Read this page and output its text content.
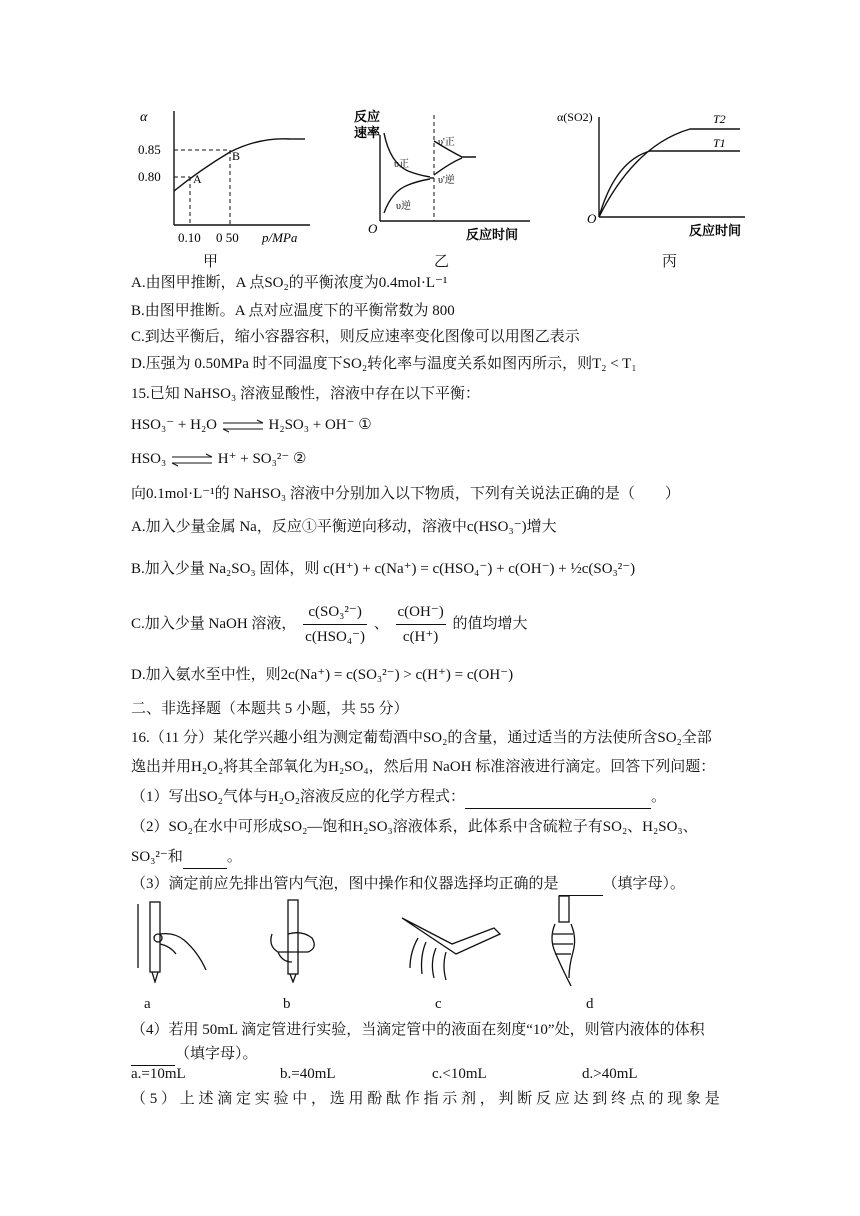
α
0.85
0.80
0.10 0 50 p/MPa
A
B
甲
反应
速率
O	反应时间
υ正
υ逆
υ'正
υ'逆
乙
α(SO2)
O
反应时间
T2
T1
丙
A.由图甲推断，A 点SO₂的平衡浓度为0.4mol·L⁻¹
B.由图甲推断。A 点对应温度下的平衡常数为 800
C.到达平衡后，缩小容器容积，则反应速率变化图像可以用图乙表示
D.压强为 0.50MPa 时不同温度下SO₂转化率与温度关系如图丙所示，则T₂ < T₁
15.已知 NaHSO₃ 溶液显酸性，溶液中存在以下平衡：
HSO₃⁻ + H₂O ⇌ H₂SO₃ + OH⁻ ①
HSO₃ ⇌ H⁺ + SO₃²⁻ ②
向0.1mol·L⁻¹的 NaHSO₃ 溶液中分别加入以下物质，下列有关说法正确的是（　　）
A.加入少量金属 Na，反应①平衡逆向移动，溶液中c(HSO₃⁻)增大
B.加入少量 Na₂SO₃ 固体，则 c(H⁺) + c(Na⁺) = c(HSO₄⁻) + c(OH⁻) + ½c(SO₃²⁻)
C.加入少量 NaOH 溶液， $\frac{\text{c(SO₃²⁻)}}{\text{c(HSO₄⁻)}}$ 、 $\frac{c(OH^-)}{c(H^+)}$ 的值均增大
D.加入氨水至中性，则2c(Na⁺) = c(SO₃²⁻) > c(H⁺) = c(OH⁻)
二、非选择题（本题共 5 小题，共 55 分）
16.（11 分）某化学兴趣小组为测定葡萄酒中SO₂的含量，通过适当的方法使所含SO₂全部
逸出并用H₂O₂将其全部氧化为H₂SO₄，然后用 NaOH 标准溶液进行滴定。回答下列问题：
（1）写出SO₂气体与H₂O₂溶液反应的化学方程式：	。
（2）SO₂在水中可形成SO₂—饱和H₂SO₃溶液体系，此体系中含硫粒子有SO₂、H₂SO₃、
SO₃²⁻和	。
（3）滴定前应先排出管内气泡，图中操作和仪器选择均正确的是	（填字母）。
a	b	c	d
（4）若用 50mL 滴定管进行实验，当滴定管中的液面在刻度“10”处，则管内液体的体积
（填字母）。
a.=10mL	b.=40mL	c.<10mL	d.>40mL
（ 5 ） 上 述 滴 定 实 验 中 ， 选 用 酚 酞 作 指 示 剂 ， 判 断 反 应 达 到 终 点 的 现 象 是
